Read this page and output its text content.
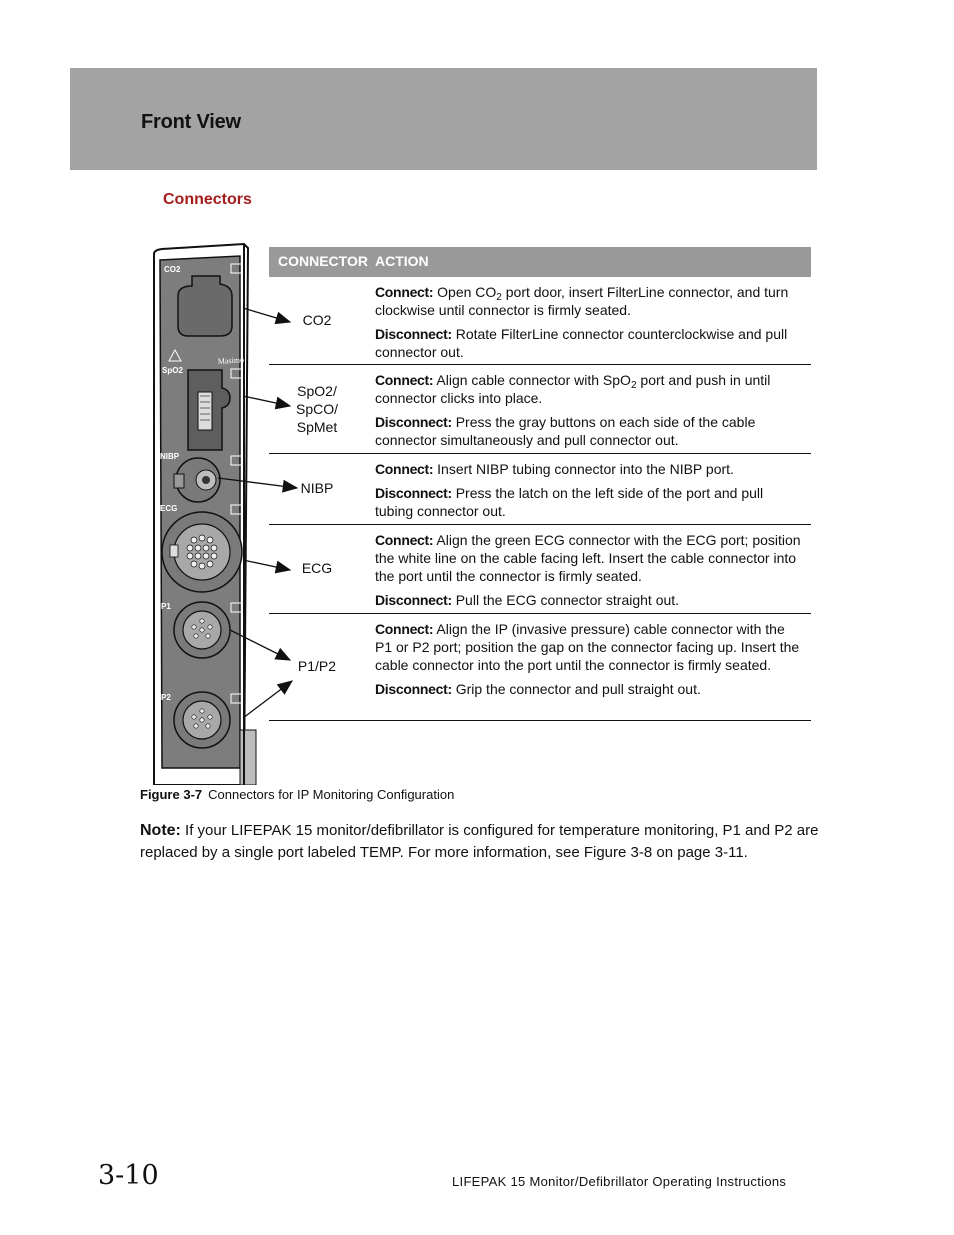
Front View
Connectors
CO2
SpO2
Masimo
NIBP
ECG
P1
P2
CONNECTOR ACTION
CO2

Connect: Open $CO_2$ port door, insert FilterLine connector, and turn clockwise until connector is firmly seated.

Disconnect: Rotate FilterLine connector counterclockwise and pull connector out.

SpO2/
SpCO/
SpMet

Connect: Align cable connector with SpO$_2$ port and push in until connector clicks into place.

Disconnect: Press the gray buttons on each side of the cable connector simultaneously and pull connector out.

NIBP

Connect: Insert NIBP tubing connector into the NIBP port.

Disconnect: Press the latch on the left side of the port and pull tubing connector out.

ECG

Connect: Align the green ECG connector with the ECG port; position the white line on the cable facing left. Insert the cable connector into the port until the connector is firmly seated.

Disconnect: Pull the ECG connector straight out.

P1/P2

Connect: Align the IP (invasive pressure) cable connector with the P1 or P2 port; position the gap on the connector facing up. Insert the cable connector into the port until the connector is firmly seated.

Disconnect: Grip the connector and pull straight out.

Figure 3-7 Connectors for IP Monitoring Configuration
Note: If your LIFEPAK 15 monitor/defibrillator is configured for temperature monitoring, P1 and P2 are replaced by a single port labeled TEMP. For more information, see Figure 3-8 on page 3-11.
3-10	LIFEPAK 15 Monitor/Defibrillator Operating Instructions
